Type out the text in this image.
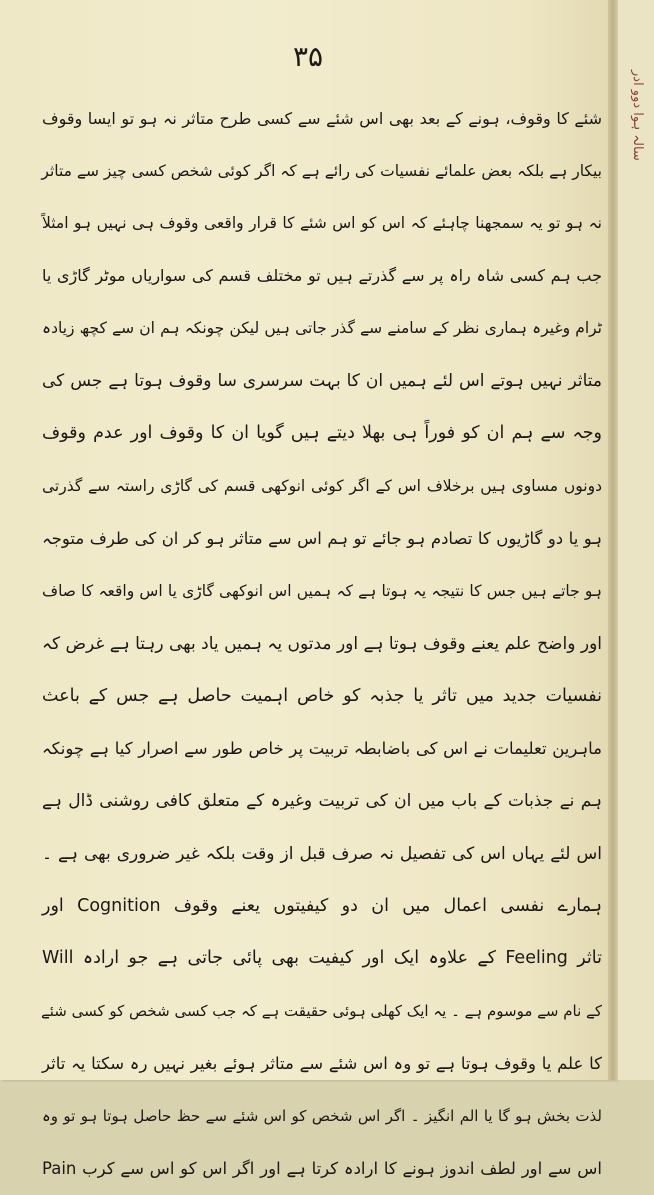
۳۵
شئے کا وقوف، ہونے کے بعد بھی اس شئے سے کسی طرح متاثر نہ ہو تو ایسا وقوف
بیکار ہے بلکہ بعض علمائے نفسیات کی رائے ہے کہ اگر کوئی شخص کسی چیز سے متاثر
نہ ہو تو یہ سمجھنا چاہئے کہ اس کو اس شئے کا قرار واقعی وقوف ہی نہیں ہو امثلاً
جب ہم کسی شاہ راہ پر سے گذرتے ہیں تو مختلف قسم کی سواریاں موٹر گاڑی یا
ٹرام وغیرہ ہماری نظر کے سامنے سے گذر جاتی ہیں لیکن چونکہ ہم ان سے کچھ زیادہ
متاثر نہیں ہوتے اس لئے ہمیں ان کا بہت سرسری سا وقوف ہوتا ہے جس کی
وجہ سے ہم ان کو فوراً ہی بھلا دیتے ہیں گویا ان کا وقوف اور عدم وقوف
دونوں مساوی ہیں برخلاف اس کے اگر کوئی انوکھی قسم کی گاڑی راستہ سے گذرتی
ہو یا دو گاڑیوں کا تصادم ہو جائے تو ہم اس سے متاثر ہو کر ان کی طرف متوجہ
ہو جاتے ہیں جس کا نتیجہ یہ ہوتا ہے کہ ہمیں اس انوکھی گاڑی یا اس واقعہ کا صاف
اور واضح علم یعنے وقوف ہوتا ہے اور مدتوں یہ ہمیں یاد بھی رہتا ہے غرض کہ
نفسیات جدید میں تاثر یا جذبہ کو خاص اہمیت حاصل ہے جس کے باعث
ماہرین تعلیمات نے اس کی باضابطہ تربیت پر خاص طور سے اصرار کیا ہے چونکہ
ہم نے جذبات کے باب میں ان کی تربیت وغیرہ کے متعلق کافی روشنی ڈال ہے
اس لئے یہاں اس کی تفصیل نہ صرف قبل از وقت بلکہ غیر ضروری بھی ہے ۔
ہمارے نفسی اعمال میں ان دو کیفیتوں یعنے وقوف Cognition اور
تاثر Feeling کے علاوہ ایک اور کیفیت بھی پائی جاتی ہے جو ارادہ Will
کے نام سے موسوم ہے ۔ یہ ایک کھلی ہوئی حقیقت ہے کہ جب کسی شخص کو کسی شئے
کا علم یا وقوف ہوتا ہے تو وہ اس شئے سے متاثر ہوئے بغیر نہیں رہ سکتا یہ تاثر
لذت بخش ہو گا یا الم انگیز ۔ اگر اس شخص کو اس شئے سے حظ حاصل ہوتا ہو تو وہ
اس سے اور لطف اندوز ہونے کا ارادہ کرتا ہے اور اگر اس کو اس سے کرب Pain
سالہ ہوا دوو ادر
